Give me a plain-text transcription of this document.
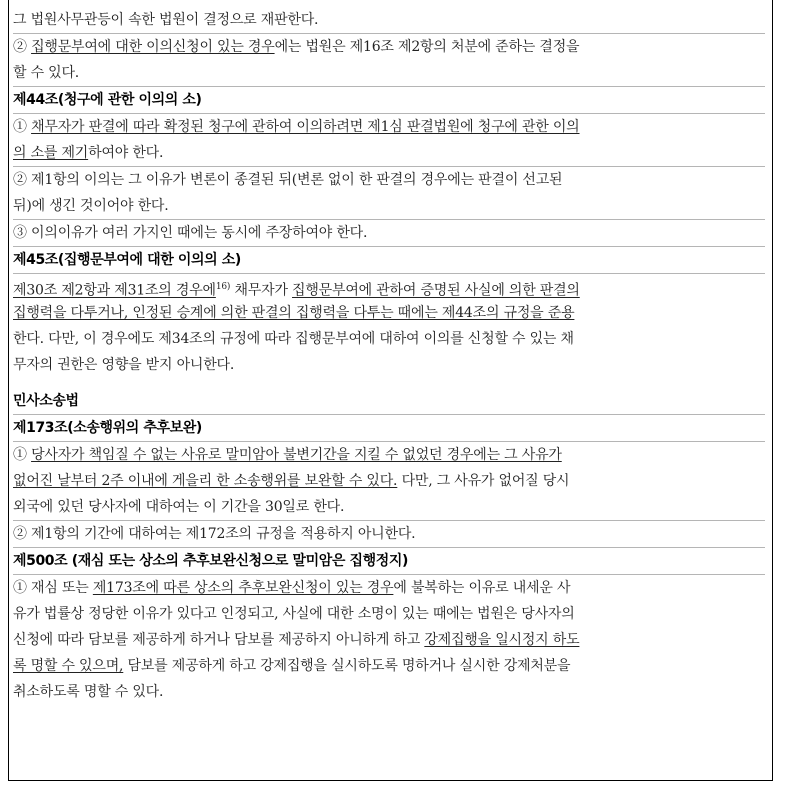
그 법원사무관등이 속한 법원이 결정으로 재판한다.
② 집행문부여에 대한 이의신청이 있는 경우에는 법원은 제16조 제2항의 처분에 준하는 결정을
할 수 있다.
제44조(청구에 관한 이의의 소)
① 채무자가 판결에 따라 확정된 청구에 관하여 이의하려면 제1심 판결법원에 청구에 관한 이의
의 소를 제기하여야 한다.
② 제1항의 이의는 그 이유가 변론이 종결된 뒤(변론 없이 한 판결의 경우에는 판결이 선고된
뒤)에 생긴 것이어야 한다.
③ 이의이유가 여러 가지인 때에는 동시에 주장하여야 한다.
제45조(집행문부여에 대한 이의의 소)
제30조 제2항과 제31조의 경우에$^{16)}$ 채무자가 집행문부여에 관하여 증명된 사실에 의한 판결의
집행력을 다투거나, 인정된 승계에 의한 판결의 집행력을 다투는 때에는 제44조의 규정을 준용
한다. 다만, 이 경우에도 제34조의 규정에 따라 집행문부여에 대하여 이의를 신청할 수 있는 채
무자의 권한은 영향을 받지 아니한다.
민사소송법
제173조(소송행위의 추후보완)
① 당사자가 책임질 수 없는 사유로 말미암아 불변기간을 지킬 수 없었던 경우에는 그 사유가
없어진 날부터 2주 이내에 게을리 한 소송행위를 보완할 수 있다. 다만, 그 사유가 없어질 당시
외국에 있던 당사자에 대하여는 이 기간을 30일로 한다.
② 제1항의 기간에 대하여는 제172조의 규정을 적용하지 아니한다.
제500조 (재심 또는 상소의 추후보완신청으로 말미암은 집행정지)
① 재심 또는 제173조에 따른 상소의 추후보완신청이 있는 경우에 불복하는 이유로 내세운 사
유가 법률상 정당한 이유가 있다고 인정되고, 사실에 대한 소명이 있는 때에는 법원은 당사자의
신청에 따라 담보를 제공하게 하거나 담보를 제공하지 아니하게 하고 강제집행을 일시정지 하도
록 명할 수 있으며, 담보를 제공하게 하고 강제집행을 실시하도록 명하거나 실시한 강제처분을
취소하도록 명할 수 있다.
